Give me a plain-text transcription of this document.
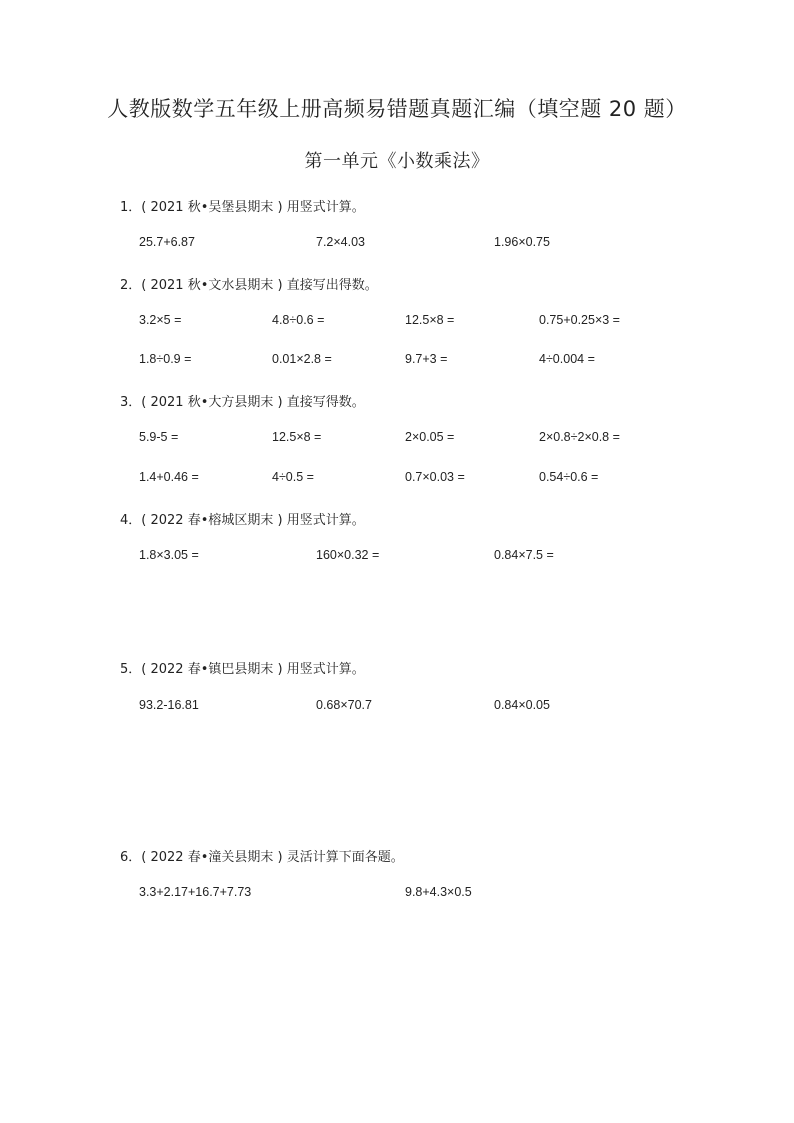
人教版数学五年级上册高频易错题真题汇编（填空题 20 题）
第一单元《小数乘法》
1．( 2021 秋•吴堡县期末 ) 用竖式计算。
25.7+6.87	7.2×4.03	1.96×0.75
2．( 2021 秋•文水县期末 ) 直接写出得数。
3.2×5 =	4.8÷0.6 =	12.5×8 =	0.75+0.25×3 =
1.8÷0.9 =	0.01×2.8 =	9.7+3 =	4÷0.004 =
3．( 2021 秋•大方县期末 ) 直接写得数。
5.9-5 =	12.5×8 =	2×0.05 =	2×0.8÷2×0.8 =
1.4+0.46 =	4÷0.5 =	0.7×0.03 =	0.54÷0.6 =
4．( 2022 春•榕城区期末 ) 用竖式计算。
1.8×3.05 =	160×0.32 =	0.84×7.5 =
5．( 2022 春•镇巴县期末 ) 用竖式计算。
93.2-16.81	0.68×70.7	0.84×0.05
6．( 2022 春•潼关县期末 ) 灵活计算下面各题。
3.3+2.17+16.7+7.73	9.8+4.3×0.5
